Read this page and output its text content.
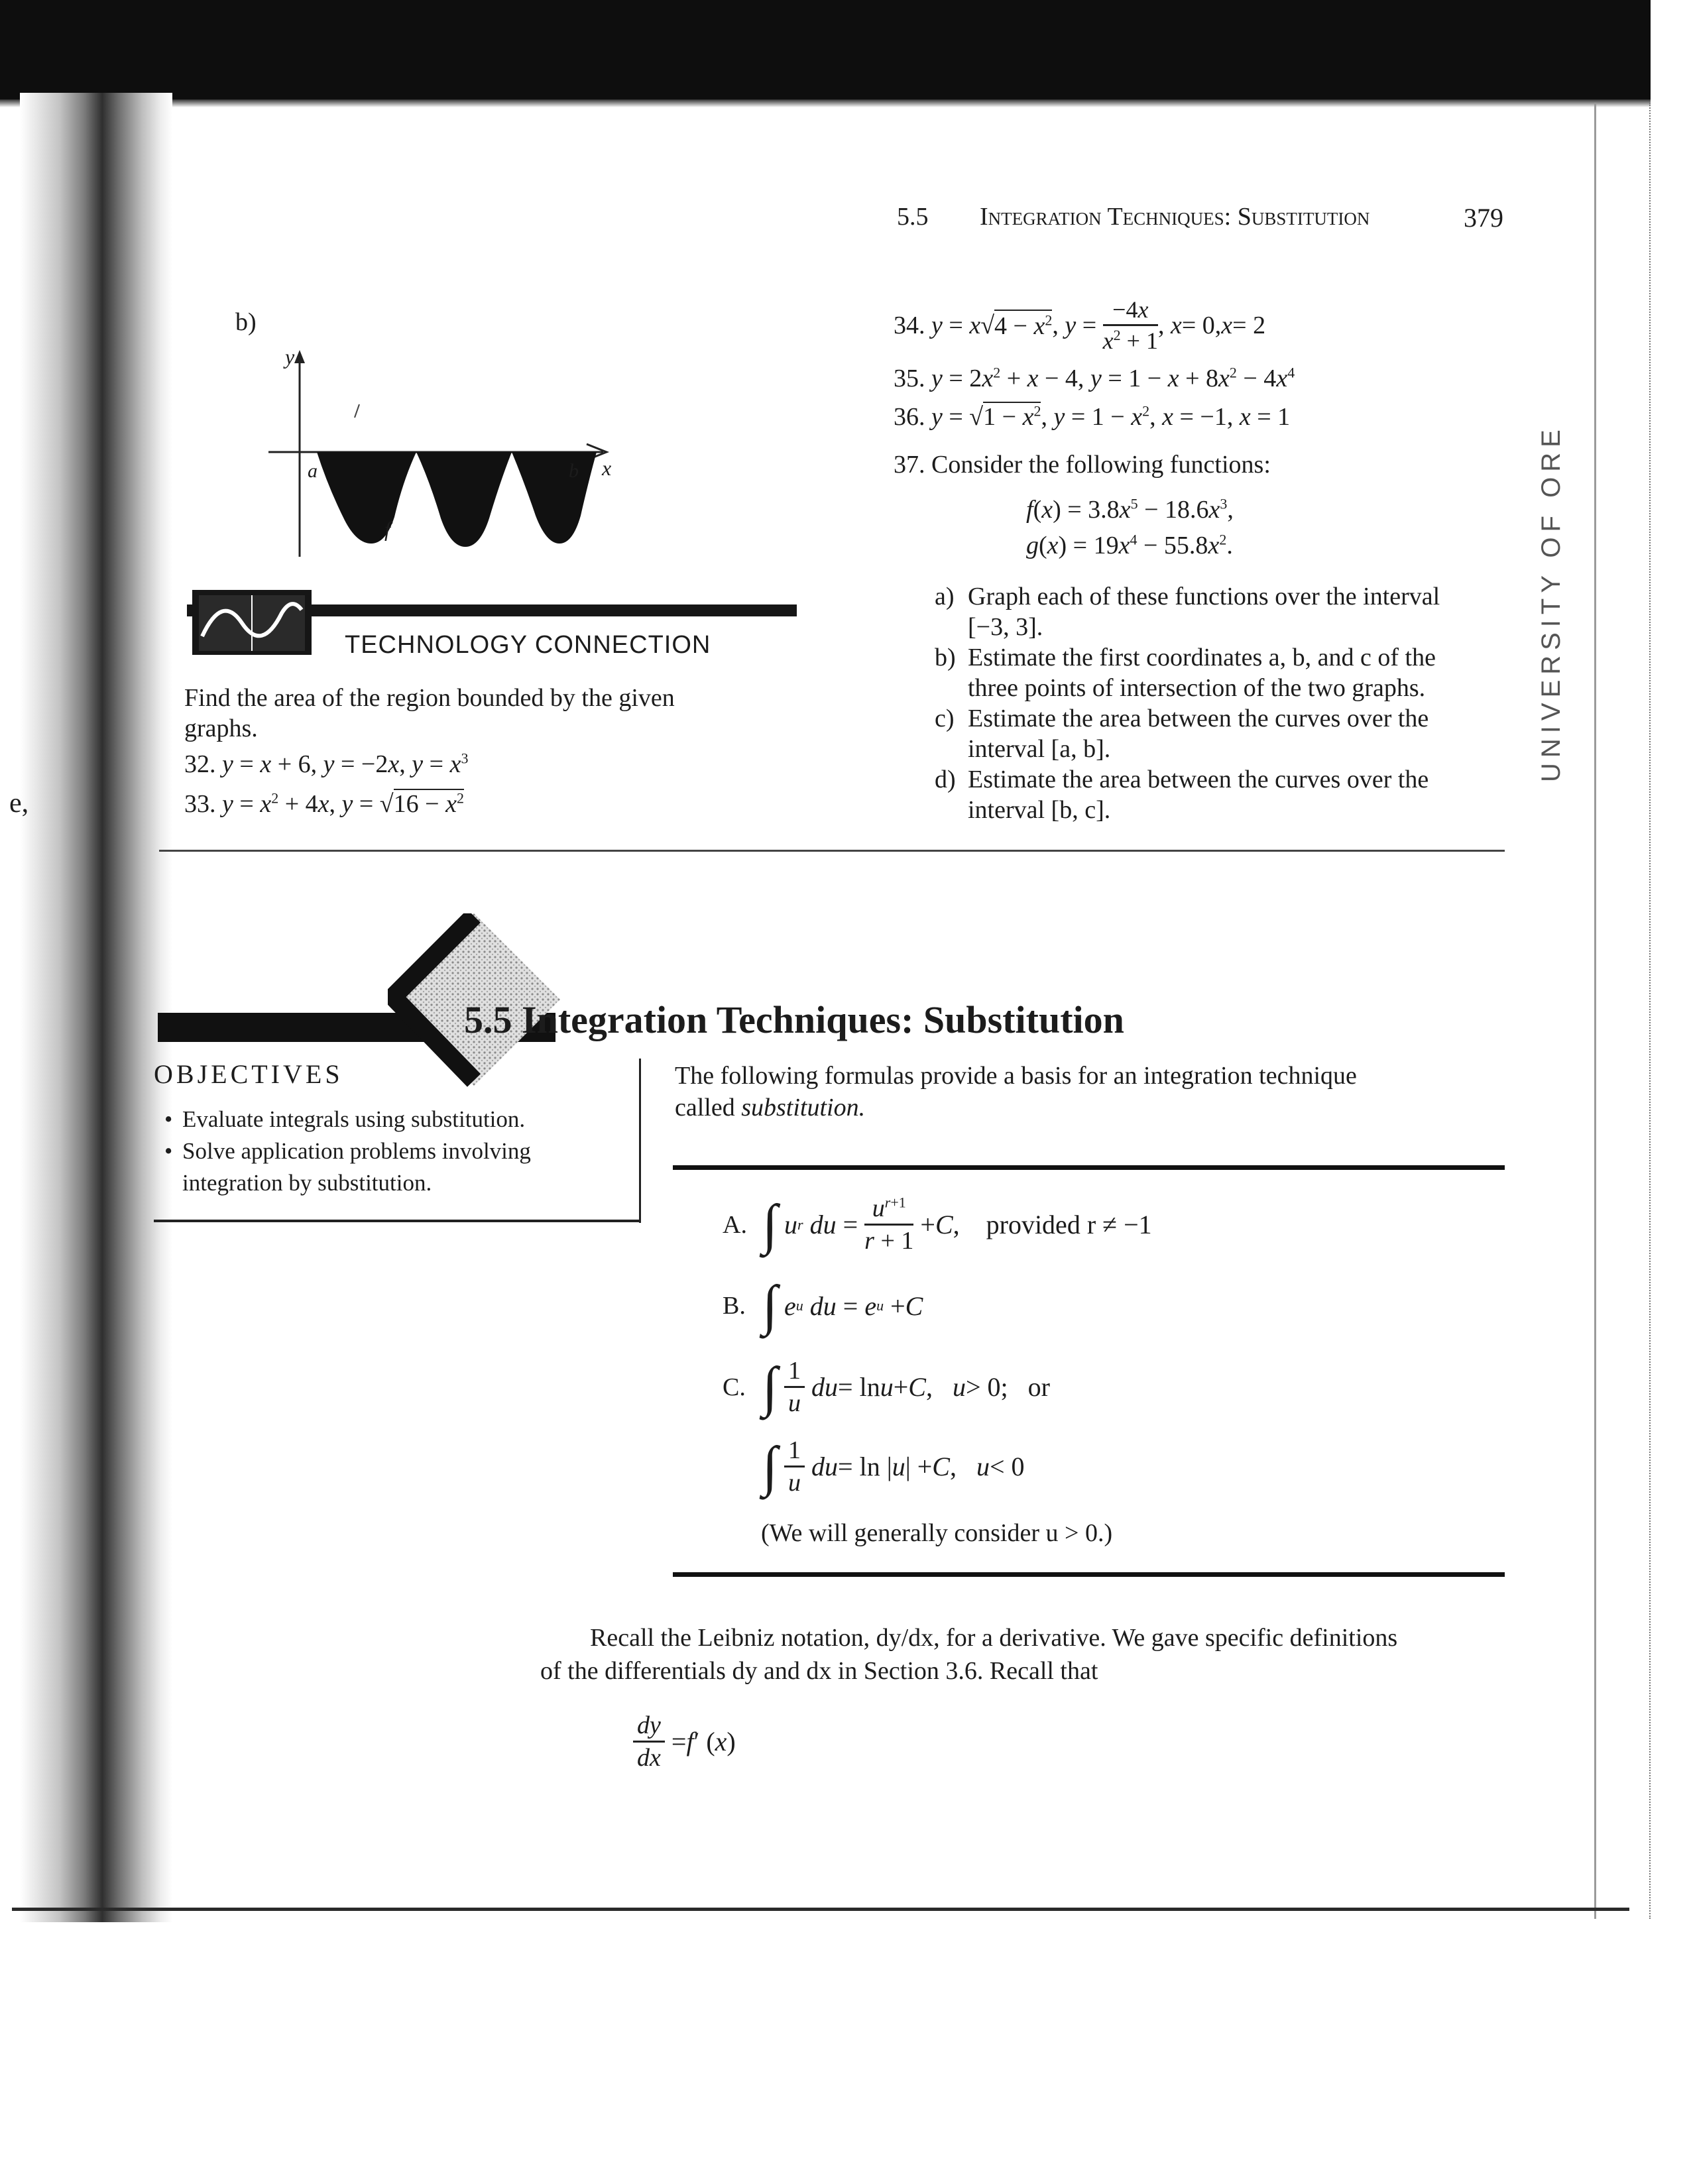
UNIVERSITY OF ORE
e,
5.5 Integration Techniques: Substitution	379
b)
y
x
a	b
f
TECHNOLOGY CONNECTION
Find the area of the region bounded by the given
graphs.
32. y = x + 6, y = −2x, $y = x^3$
33. $y = x^2 + 4x$, $y = √16 - x^2$
34.
y = x √ $4 - x^2$ , $y = \frac{-4x}{x^2 + 1}$ , x = 0, x = 2
35. $y = 2x^2 + x - 4$, $y = 1 - x + 8x^2 - 4x^4$
36. $y = √1 - x^2$, $y = 1 - x^2$, x = −1, x = 1
37. Consider the following functions:
$f(x) = 3.8x^5 - 18.6x^3$,
$g(x) = 19x^4 - 55.8x^2$.
a) Graph each of these functions over the interval
[−3, 3].
b) Estimate the first coordinates a, b, and c of the
three points of intersection of the two graphs.
c) Estimate the area between the curves over the
interval [a, b].
d) Estimate the area between the curves over the
interval [b, c].
5.5 Integration Techniques: Substitution
OBJECTIVES
• Evaluate integrals using substitution.
• Solve application problems involving
integration by substitution.
The following formulas provide a basis for an integration technique
called substitution.
A. ∫
u r
du = $\frac{u^{r+1}}{r + 1} + C$ , provided r ≠ −1
B. ∫
e u
du = e u + C
C. ∫
$\frac{1}{u}$
du = ln u + C , u > 0; or
∫
$\frac{1}{u}$
du = ln | u | + C , u < 0
(We will generally consider u > 0.)
Recall the Leibniz notation, dy/dx, for a derivative. We gave specific definitions
of the differentials dy and dx in Section 3.6. Recall that
$\frac{dy}{dx} = f$ ′ ( x )
